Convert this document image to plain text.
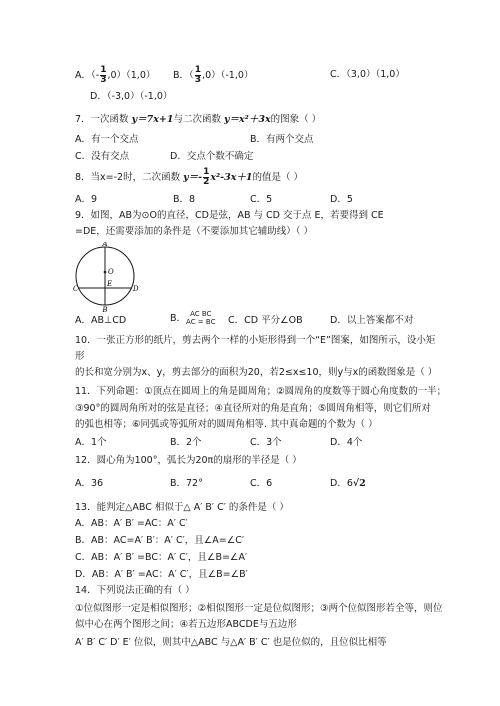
A．（- $\frac{1}{3} ,0)(1,0)$ B．（ $\frac{1}{3} ,0)(-1,0)$	C．（3,0）（1,0）
D．（-3,0）（-1,0）
7．一次函数 y＝7x+1与二次函数 y＝x²＋3x的图象（ ）
A．有一个交点	B．有两个交点
C．没有交点	D．交点个数不确定
8．当x=-2时，二次函数 $y=- \frac{1}{2} x^2-3x+1$的值是（ ）
A．9	B．8	C．5	D．5
9．如图，AB为⊙O的直径，CD是弦，AB 与 CD 交于点 E，若要得到 CE
=DE，还需要添加的条件是（不要添加其它辅助线）（ ）
A
O
C
E
D
B
A．AB⊥CD	B． AC BC
AC = BC C．CD 平分∠OB	D．以上答案都不对
10．一张正方形的纸片，剪去两个一样的小矩形得到一个“E”图案，如图所示，设小矩
形
的长和宽分别为x、y，剪去部分的面积为20，若2≤x≤10，则y与x的函数图象是（ ）
11．下列命题：①顶点在圆周上的角是圆周角；②圆周角的度数等于圆心角度数的一半；
③90°的圆周角所对的弦是直径；④直径所对的角是直角；⑤圆周角相等，则它们所对
的弧也相等；⑥同弧或等弧所对的圆周角相等. 其中真命题的个数为（ ）
A．1个	B．2个	C．3个	D．4个
12．圆心角为100°，弧长为20π的扇形的半径是（ ）
A．36	B．72°	C．6	D．6√2
13．能判定△ABC 相似于△ A′ B′ C′ 的条件是（ ）
A．AB：A′ B′ =AC：A′ C′
B．AB：AC=A′ B′：A′ C′，且∠A=∠C′
C．AB：A′ B′ =BC：A′ C′，且∠B=∠A′
D．AB：A′ B′ =AC：A′ C′，且∠B=∠B′
14．下列说法正确的有（ ）
①位似图形一定是相似图形；②相似图形一定是位似图形；③两个位似图形若全等，则位
似中心在两个图形之间；④若五边形ABCDE与五边形
A′ B′ C′ D′ E′ 位似，则其中△ABC 与△A′ B′ C′ 也是位似的，且位似比相等
